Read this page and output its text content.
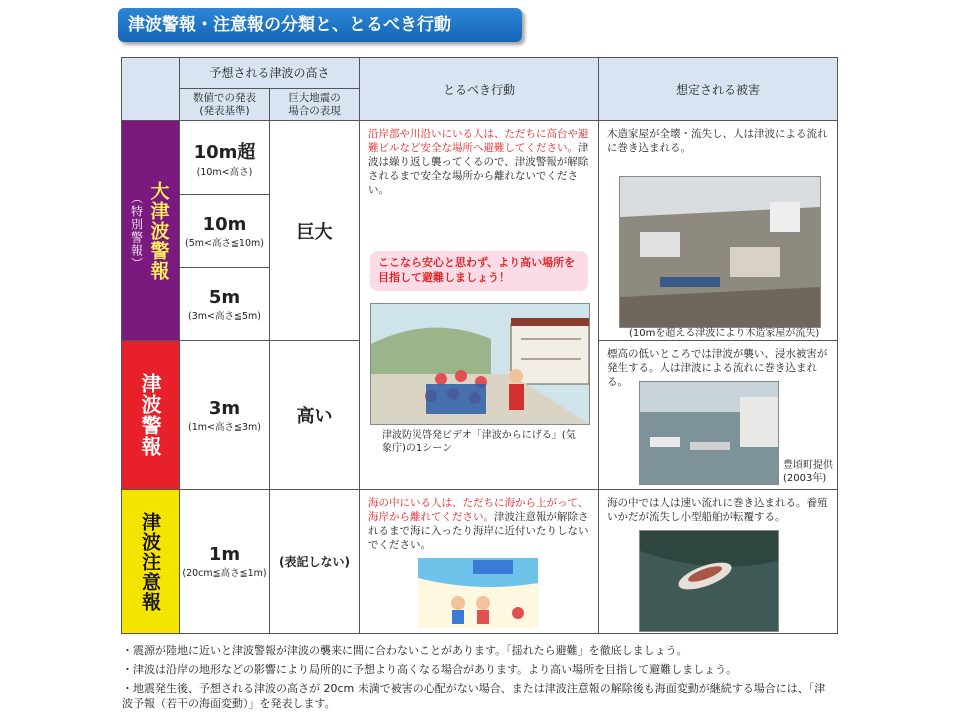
津波警報・注意報の分類と、とるべき行動
予想される津波の高さ
数値での発表
(発表基準)
巨大地震の
場合の表現
とるべき行動	想定される被害
（特別警報） 大津波警報
津波警報
津波注意報
10m超
(10m<高さ)
10m
(5m<高さ≦10m)
5m
(3m<高さ≦5m)
3m
(1m<高さ≦3m)
1m
(20cm≦高さ≦1m)
巨大
高い
(表記しない)
沿岸部や川沿いにいる人は、ただちに高台や避難ビルなど安全な場所へ避難してください。津波は繰り返し襲ってくるので、津波警報が解除されるまで安全な場所から離れないでください。
ここなら安心と思わず、より高い場所を目指して避難しましょう！
津波防災啓発ビデオ「津波からにげる」(気象庁)の1シーン
海の中にいる人は、ただちに海から上がって、海岸から離れてください。津波注意報が解除されるまで海に入ったり海岸に近付いたりしないでください。
木造家屋が全壊・流失し、人は津波による流れに巻き込まれる。
(10mを超える津波により木造家屋が流失)
標高の低いところでは津波が襲い、浸水被害が発生する。人は津波による流れに巻き込まれる。
豊頃町提供
(2003年)
海の中では人は速い流れに巻き込まれる。養殖いかだが流失し小型船舶が転覆する。
・震源が陸地に近いと津波警報が津波の襲来に間に合わないことがあります。「揺れたら避難」を徹底しましょう。
・津波は沿岸の地形などの影響により局所的に予想より高くなる場合があります。より高い場所を目指して避難しましょう。
・地震発生後、予想される津波の高さが 20cm 未満で被害の心配がない場合、または津波注意報の解除後も海面変動が継続する場合には、「津波予報（若干の海面変動）」を発表します。
